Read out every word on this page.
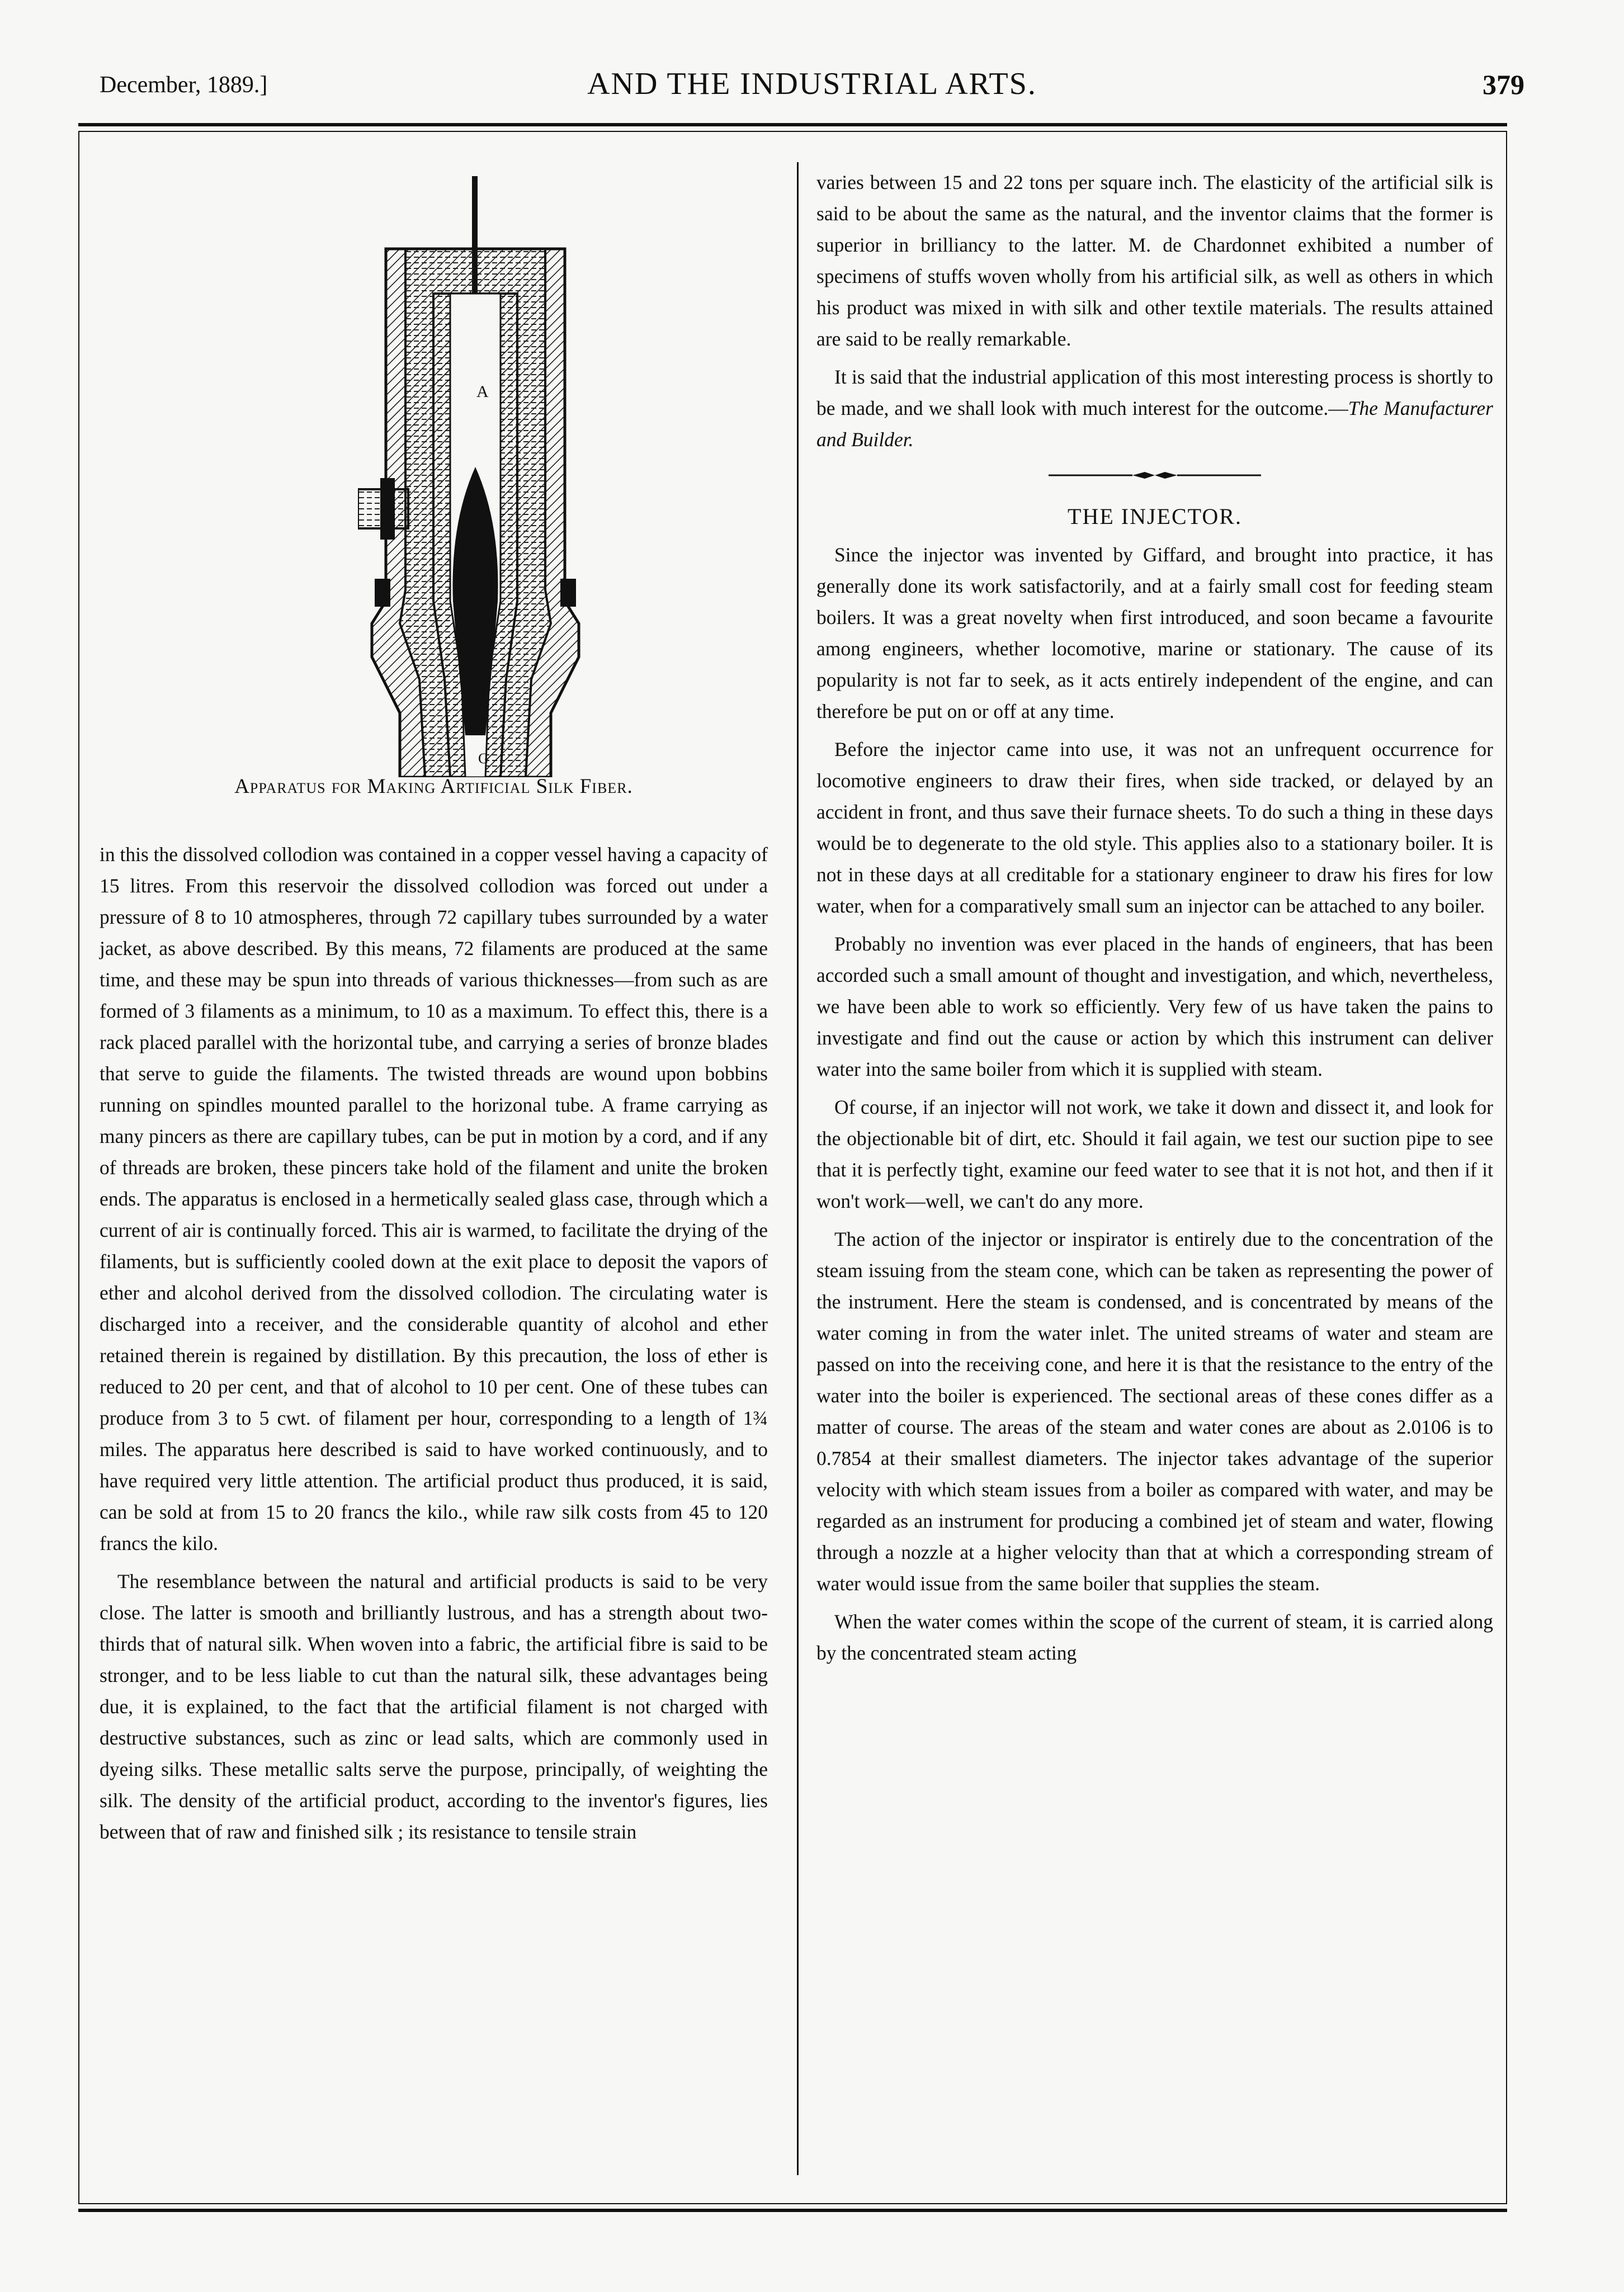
December, 1889.]	AND THE INDUSTRIAL ARTS.	379
A
G
Apparatus for Making Artificial Silk Fiber.

in this the dissolved collodion was contained in a copper vessel having a capacity of 15 litres. From this reservoir the dissolved collodion was forced out under a pressure of 8 to 10 atmospheres, through 72 capillary tubes surrounded by a water jacket, as above described. By this means, 72 filaments are produced at the same time, and these may be spun into threads of various thicknesses—from such as are formed of 3 filaments as a minimum, to 10 as a maximum. To effect this, there is a rack placed parallel with the horizontal tube, and carrying a series of bronze blades that serve to guide the filaments. The twisted threads are wound upon bobbins running on spindles mounted parallel to the horizonal tube. A frame carrying as many pincers as there are capillary tubes, can be put in motion by a cord, and if any of threads are broken, these pincers take hold of the filament and unite the broken ends. The apparatus is enclosed in a hermetically sealed glass case, through which a current of air is continually forced. This air is warmed, to facilitate the drying of the filaments, but is sufficiently cooled down at the exit place to deposit the vapors of ether and alcohol derived from the dissolved collodion. The circulating water is discharged into a receiver, and the considerable quantity of alcohol and ether retained therein is regained by distillation. By this precaution, the loss of ether is reduced to 20 per cent, and that of alcohol to 10 per cent. One of these tubes can produce from 3 to 5 cwt. of filament per hour, corresponding to a length of 1¾ miles. The apparatus here described is said to have worked continuously, and to have required very little attention. The artificial product thus produced, it is said, can be sold at from 15 to 20 francs the kilo., while raw silk costs from 45 to 120 francs the kilo.

The resemblance between the natural and artificial products is said to be very close. The latter is smooth and brilliantly lustrous, and has a strength about two-thirds that of natural silk. When woven into a fabric, the artificial fibre is said to be stronger, and to be less liable to cut than the natural silk, these advantages being due, it is explained, to the fact that the artificial filament is not charged with destructive substances, such as zinc or lead salts, which are commonly used in dyeing silks. These metallic salts serve the purpose, principally, of weighting the silk. The density of the artificial product, according to the inventor's figures, lies between that of raw and finished silk ; its resistance to tensile strain

varies between 15 and 22 tons per square inch. The elasticity of the artificial silk is said to be about the same as the natural, and the inventor claims that the former is superior in brilliancy to the latter. M. de Chardonnet exhibited a number of specimens of stuffs woven wholly from his artificial silk, as well as others in which his product was mixed in with silk and other textile materials. The results attained are said to be really remarkable.

It is said that the industrial application of this most interesting process is shortly to be made, and we shall look with much interest for the outcome.—The Manufacturer and Builder.

THE INJECTOR.

Since the injector was invented by Giffard, and brought into practice, it has generally done its work satisfactorily, and at a fairly small cost for feeding steam boilers. It was a great novelty when first introduced, and soon became a favourite among engineers, whether locomotive, marine or stationary. The cause of its popularity is not far to seek, as it acts entirely independent of the engine, and can therefore be put on or off at any time.

Before the injector came into use, it was not an unfrequent occurrence for locomotive engineers to draw their fires, when side tracked, or delayed by an accident in front, and thus save their furnace sheets. To do such a thing in these days would be to degenerate to the old style. This applies also to a stationary boiler. It is not in these days at all creditable for a stationary engineer to draw his fires for low water, when for a comparatively small sum an injector can be attached to any boiler.

Probably no invention was ever placed in the hands of engineers, that has been accorded such a small amount of thought and investigation, and which, nevertheless, we have been able to work so efficiently. Very few of us have taken the pains to investigate and find out the cause or action by which this instrument can deliver water into the same boiler from which it is supplied with steam.

Of course, if an injector will not work, we take it down and dissect it, and look for the objectionable bit of dirt, etc. Should it fail again, we test our suction pipe to see that it is perfectly tight, examine our feed water to see that it is not hot, and then if it won't work—well, we can't do any more.

The action of the injector or inspirator is entirely due to the concentration of the steam issuing from the steam cone, which can be taken as representing the power of the instrument. Here the steam is condensed, and is concentrated by means of the water coming in from the water inlet. The united streams of water and steam are passed on into the receiving cone, and here it is that the resistance to the entry of the water into the boiler is experienced. The sectional areas of these cones differ as a matter of course. The areas of the steam and water cones are about as 2.0106 is to 0.7854 at their smallest diameters. The injector takes advantage of the superior velocity with which steam issues from a boiler as compared with water, and may be regarded as an instrument for producing a combined jet of steam and water, flowing through a nozzle at a higher velocity than that at which a corresponding stream of water would issue from the same boiler that supplies the steam.

When the water comes within the scope of the current of steam, it is carried along by the concentrated steam acting
